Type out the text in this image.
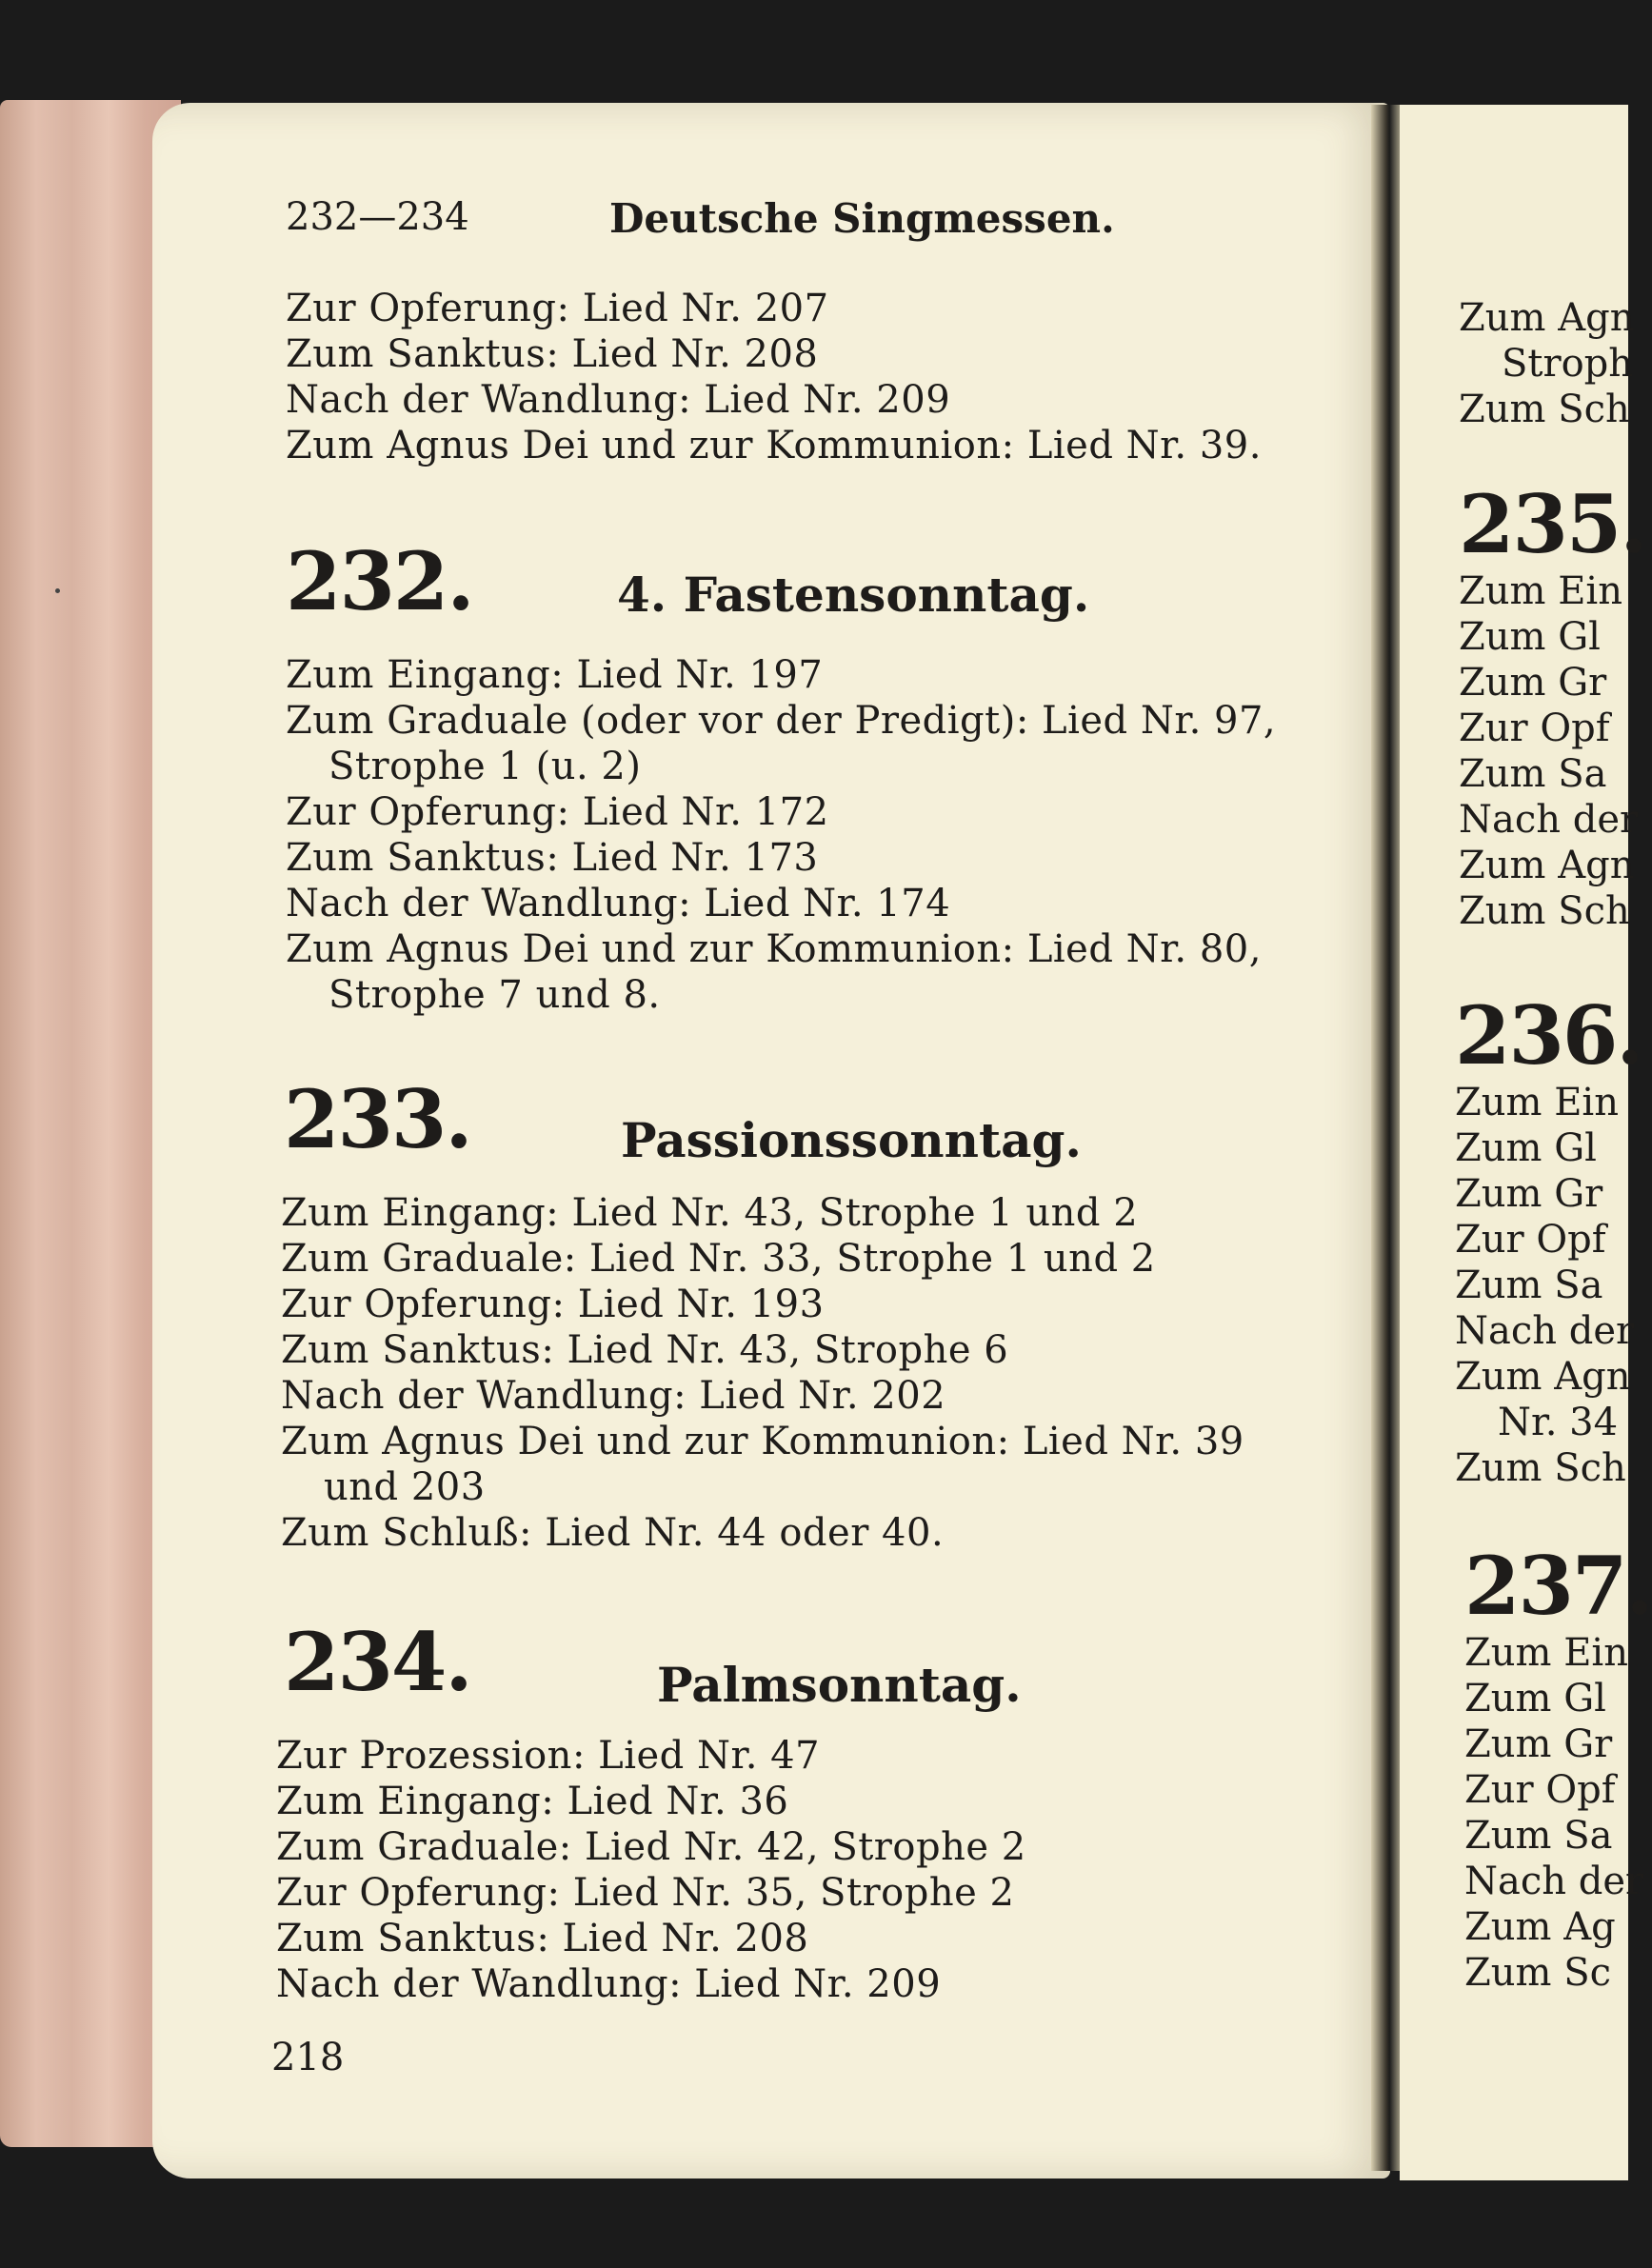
232—234	Deutsche Singmessen.
Zur Opferung: Lied Nr. 207
Zum Sanktus: Lied Nr. 208
Nach der Wandlung: Lied Nr. 209
Zum Agnus Dei und zur Kommunion: Lied Nr. 39.
232.	4. Fastensonntag.
Zum Eingang: Lied Nr. 197
Zum Graduale (oder vor der Predigt): Lied Nr. 97,
Strophe 1 (u. 2)
Zur Opferung: Lied Nr. 172
Zum Sanktus: Lied Nr. 173
Nach der Wandlung: Lied Nr. 174
Zum Agnus Dei und zur Kommunion: Lied Nr. 80,
Strophe 7 und 8.
233.	Passionssonntag.
Zum Eingang: Lied Nr. 43, Strophe 1 und 2
Zum Graduale: Lied Nr. 33, Strophe 1 und 2
Zur Opferung: Lied Nr. 193
Zum Sanktus: Lied Nr. 43, Strophe 6
Nach der Wandlung: Lied Nr. 202
Zum Agnus Dei und zur Kommunion: Lied Nr. 39
und 203
Zum Schluß: Lied Nr. 44 oder 40.
234.	Palmsonntag.
Zur Prozession: Lied Nr. 47
Zum Eingang: Lied Nr. 36
Zum Graduale: Lied Nr. 42, Strophe 2
Zur Opferung: Lied Nr. 35, Strophe 2
Zum Sanktus: Lied Nr. 208
Nach der Wandlung: Lied Nr. 209
218
Zum Agn
Stroph
Zum Sch
235.
Zum Ein
Zum Gl
Zum Gr
Zur Opf
Zum Sa
Nach der
Zum Agn
Zum Sch
236.
Zum Ein
Zum Gl
Zum Gr
Zur Opf
Zum Sa
Nach der
Zum Agn
Nr. 34
Zum Sch
237.
Zum Ein
Zum Gl
Zum Gr
Zur Opf
Zum Sa
Nach der
Zum Ag
Zum Sc
